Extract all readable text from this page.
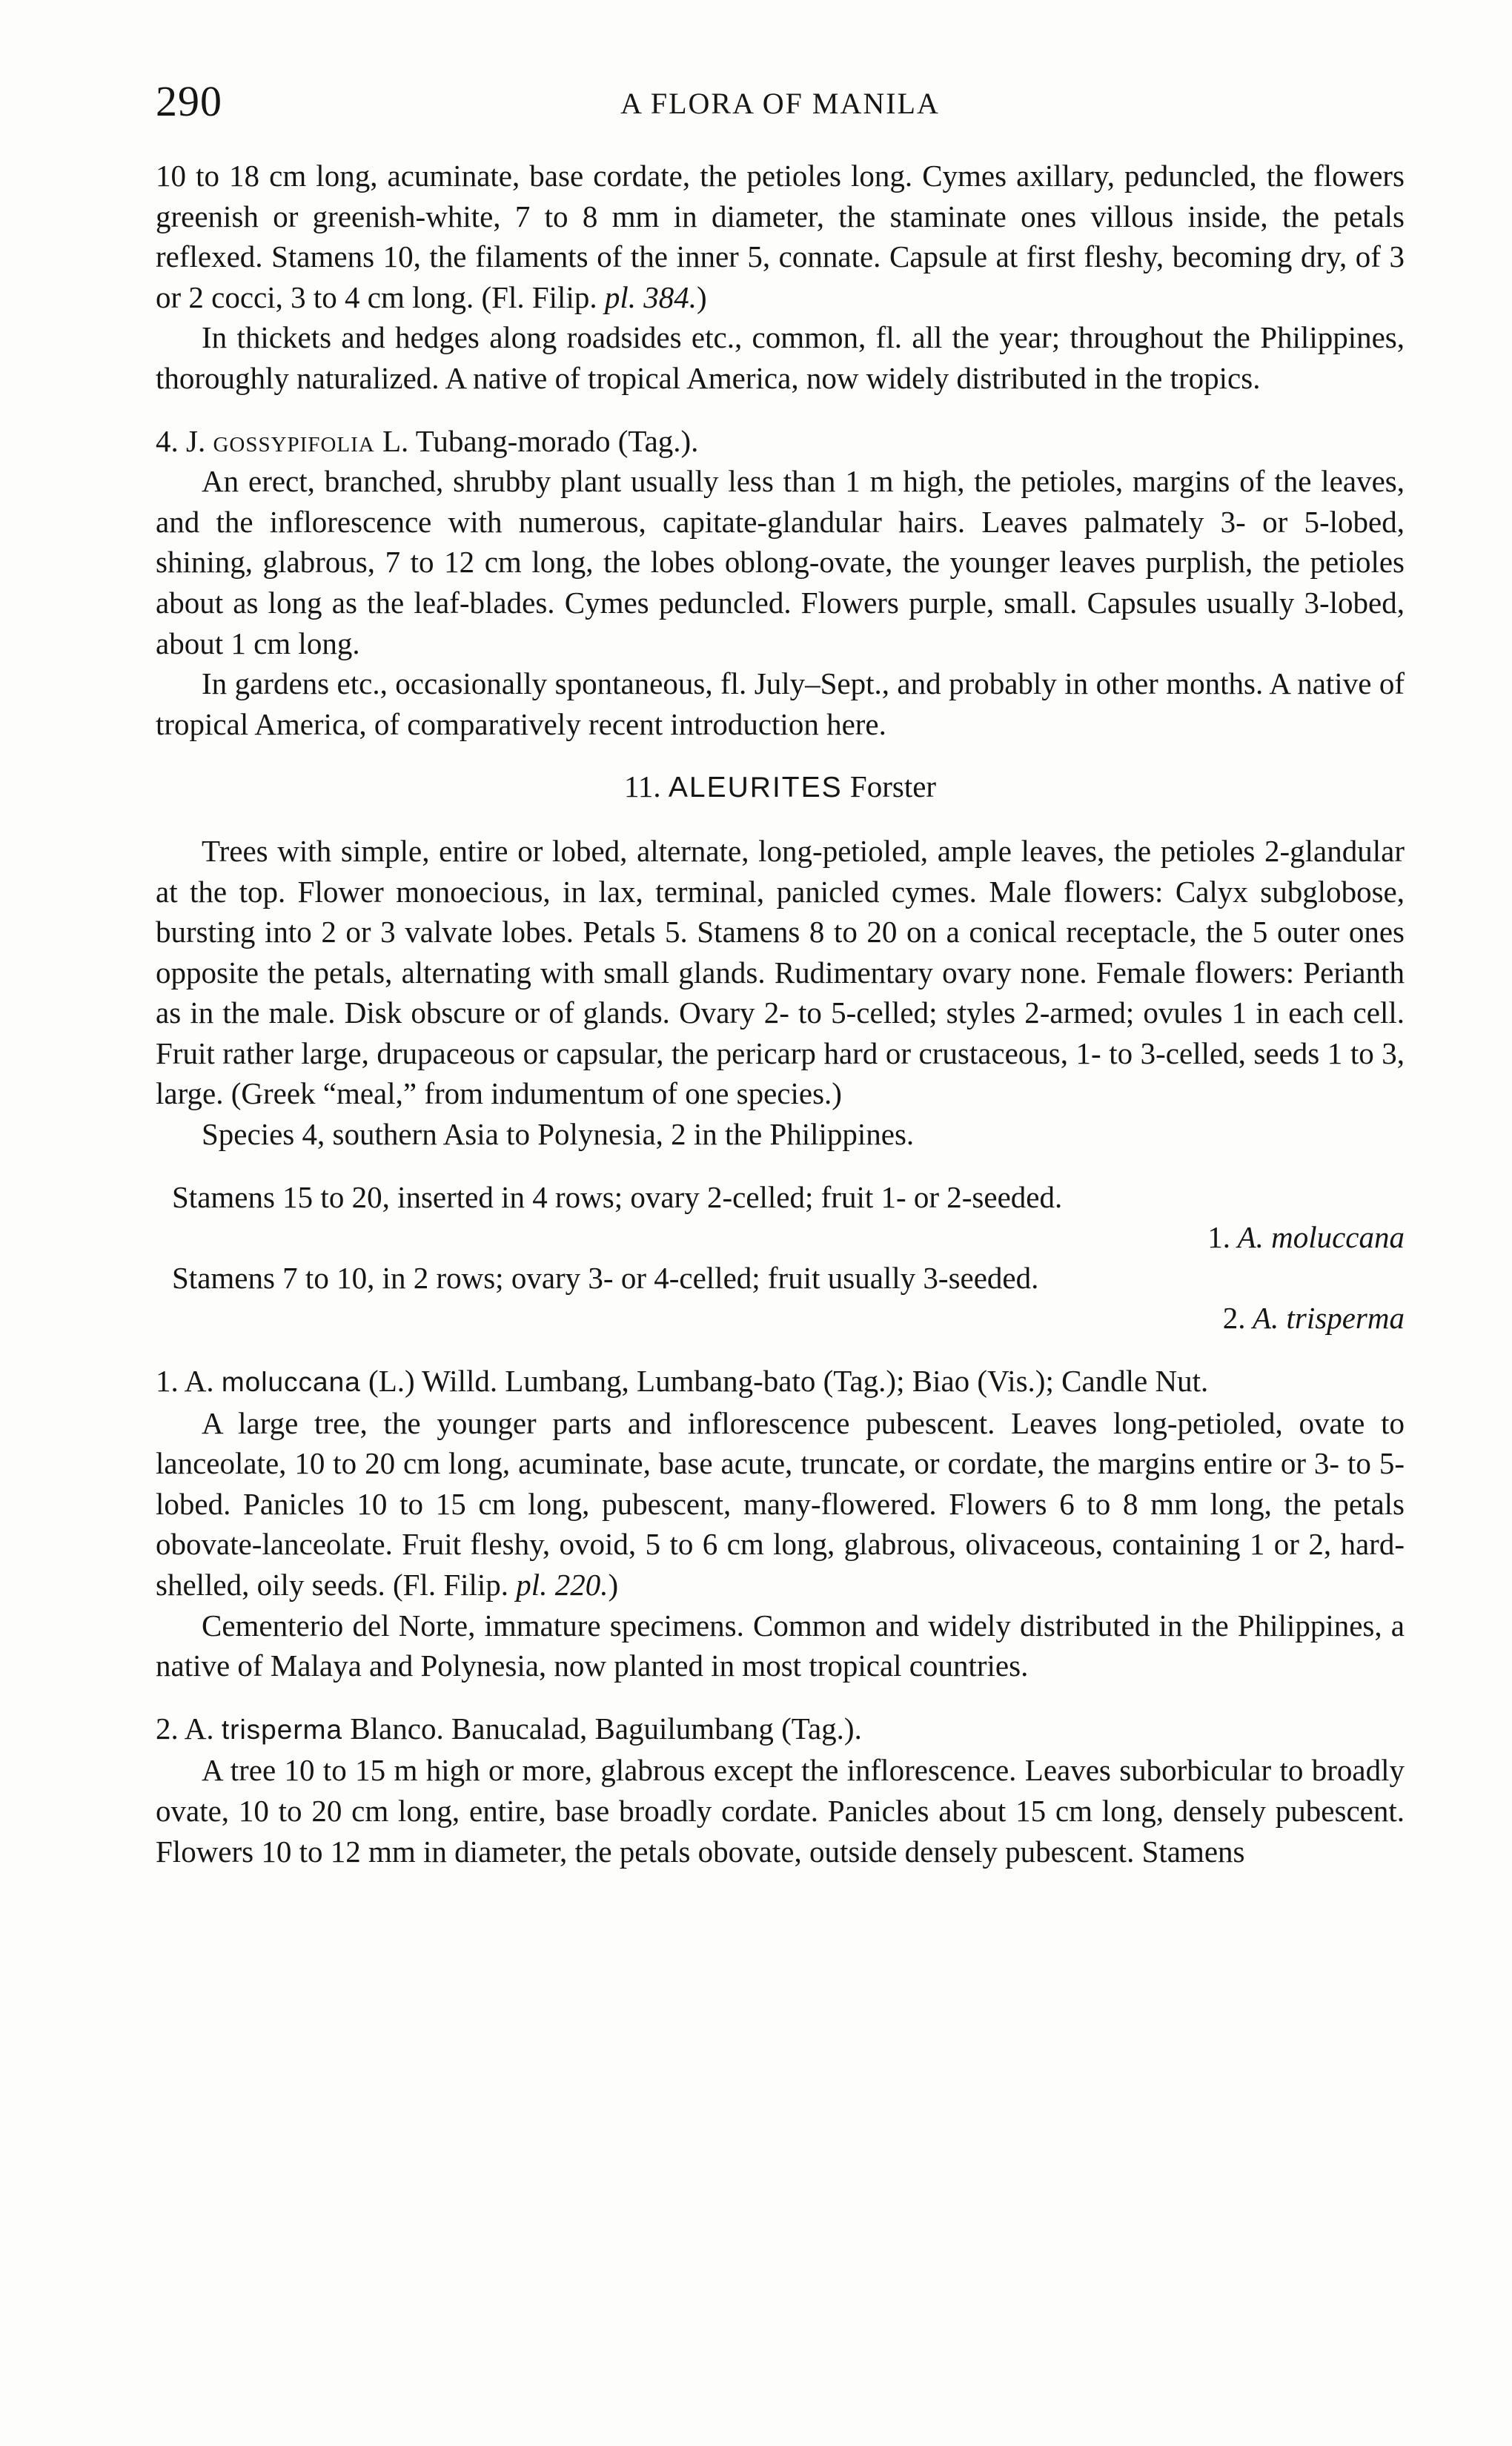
290	A FLORA OF MANILA

10 to 18 cm long, acuminate, base cordate, the petioles long. Cymes axillary, peduncled, the flowers greenish or greenish-white, 7 to 8 mm in diameter, the staminate ones villous inside, the petals reflexed. Stamens 10, the filaments of the inner 5, connate. Capsule at first fleshy, becoming dry, of 3 or 2 cocci, 3 to 4 cm long. (Fl. Filip. pl. 384.)

In thickets and hedges along roadsides etc., common, fl. all the year; throughout the Philippines, thoroughly naturalized. A native of tropical America, now widely distributed in the tropics.

4. J. gossypifolia L. Tubang-morado (Tag.).

An erect, branched, shrubby plant usually less than 1 m high, the petioles, margins of the leaves, and the inflorescence with numerous, capitate-glandular hairs. Leaves palmately 3- or 5-lobed, shining, glabrous, 7 to 12 cm long, the lobes oblong-ovate, the younger leaves purplish, the petioles about as long as the leaf-blades. Cymes peduncled. Flowers purple, small. Capsules usually 3-lobed, about 1 cm long.

In gardens etc., occasionally spontaneous, fl. July–Sept., and probably in other months. A native of tropical America, of comparatively recent introduction here.

11. ALEURITES Forster

Trees with simple, entire or lobed, alternate, long-petioled, ample leaves, the petioles 2-glandular at the top. Flower monoecious, in lax, terminal, panicled cymes. Male flowers: Calyx subglobose, bursting into 2 or 3 valvate lobes. Petals 5. Stamens 8 to 20 on a conical receptacle, the 5 outer ones opposite the petals, alternating with small glands. Rudimentary ovary none. Female flowers: Perianth as in the male. Disk obscure or of glands. Ovary 2- to 5-celled; styles 2-armed; ovules 1 in each cell. Fruit rather large, drupaceous or capsular, the pericarp hard or crustaceous, 1- to 3-celled, seeds 1 to 3, large. (Greek “meal,” from indumentum of one species.)

Species 4, southern Asia to Polynesia, 2 in the Philippines.

Stamens 15 to 20, inserted in 4 rows; ovary 2-celled; fruit 1- or 2-seeded.

1. A. moluccana

Stamens 7 to 10, in 2 rows; ovary 3- or 4-celled; fruit usually 3-seeded.

2. A. trisperma

1. A. moluccana (L.) Willd. Lumbang, Lumbang-bato (Tag.); Biao (Vis.); Candle Nut.

A large tree, the younger parts and inflorescence pubescent. Leaves long-petioled, ovate to lanceolate, 10 to 20 cm long, acuminate, base acute, truncate, or cordate, the margins entire or 3- to 5-lobed. Panicles 10 to 15 cm long, pubescent, many-flowered. Flowers 6 to 8 mm long, the petals obovate-lanceolate. Fruit fleshy, ovoid, 5 to 6 cm long, glabrous, olivaceous, containing 1 or 2, hard-shelled, oily seeds. (Fl. Filip. pl. 220.)

Cementerio del Norte, immature specimens. Common and widely distributed in the Philippines, a native of Malaya and Polynesia, now planted in most tropical countries.

2. A. trisperma Blanco. Banucalad, Baguilumbang (Tag.).

A tree 10 to 15 m high or more, glabrous except the inflorescence. Leaves suborbicular to broadly ovate, 10 to 20 cm long, entire, base broadly cordate. Panicles about 15 cm long, densely pubescent. Flowers 10 to 12 mm in diameter, the petals obovate, outside densely pubescent. Stamens
